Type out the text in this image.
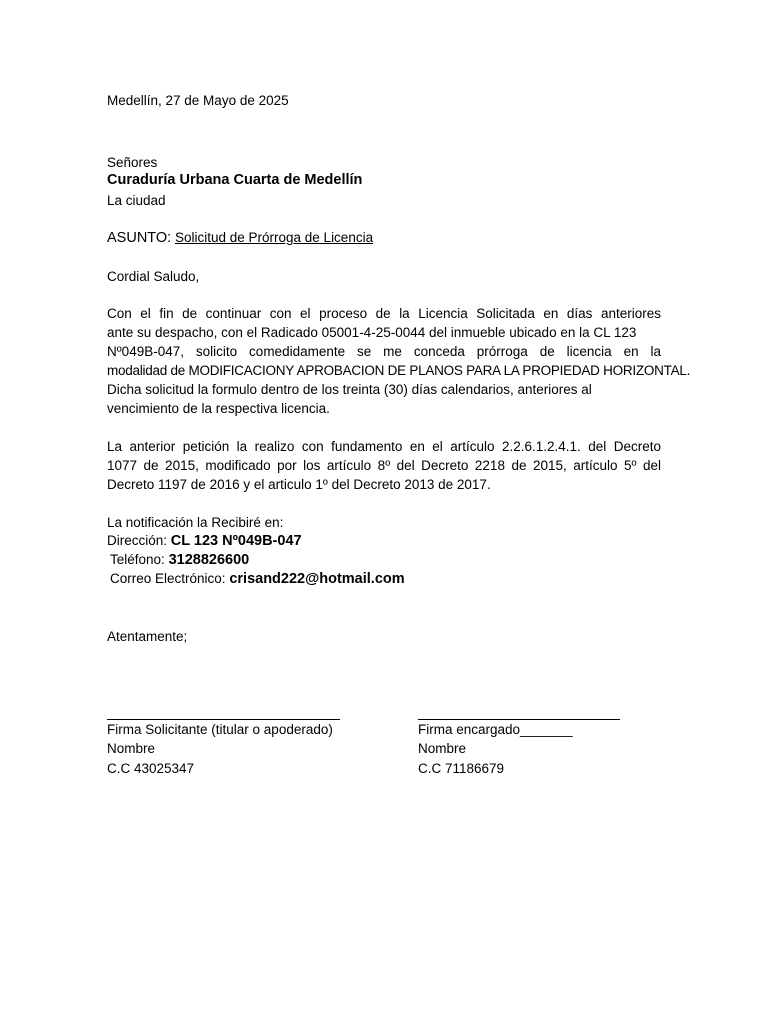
Medellín, 27 de Mayo de 2025
Señores
Curaduría Urbana Cuarta de Medellín
La ciudad
ASUNTO: Solicitud de Prórroga de Licencia
Cordial Saludo,
Con el fin de continuar con el proceso de la Licencia Solicitada en días anteriores
ante su despacho, con el Radicado 05001-4-25-0044 del inmueble ubicado en la CL 123
Nº049B-047, solicito comedidamente se me conceda prórroga de licencia en la
modalidad de MODIFICACIONY APROBACION DE PLANOS PARA LA PROPIEDAD HORIZONTAL.
Dicha solicitud la formulo dentro de los treinta (30) días calendarios, anteriores al
vencimiento de la respectiva licencia.
La anterior petición la realizo con fundamento en el artículo 2.2.6.1.2.4.1. del Decreto
1077 de 2015, modificado por los artículo 8º del Decreto 2218 de 2015, artículo 5º del
Decreto 1197 de 2016 y el articulo 1º del Decreto 2013 de 2017.
La notificación la Recibiré en:
Dirección: CL 123 Nº049B-047
Teléfono: 3128826600
Correo Electrónico: crisand222@hotmail.com
Atentamente;
Firma Solicitante (titular o apoderado)
Nombre
C.C 43025347
Firma encargado_______
Nombre
C.C 71186679
